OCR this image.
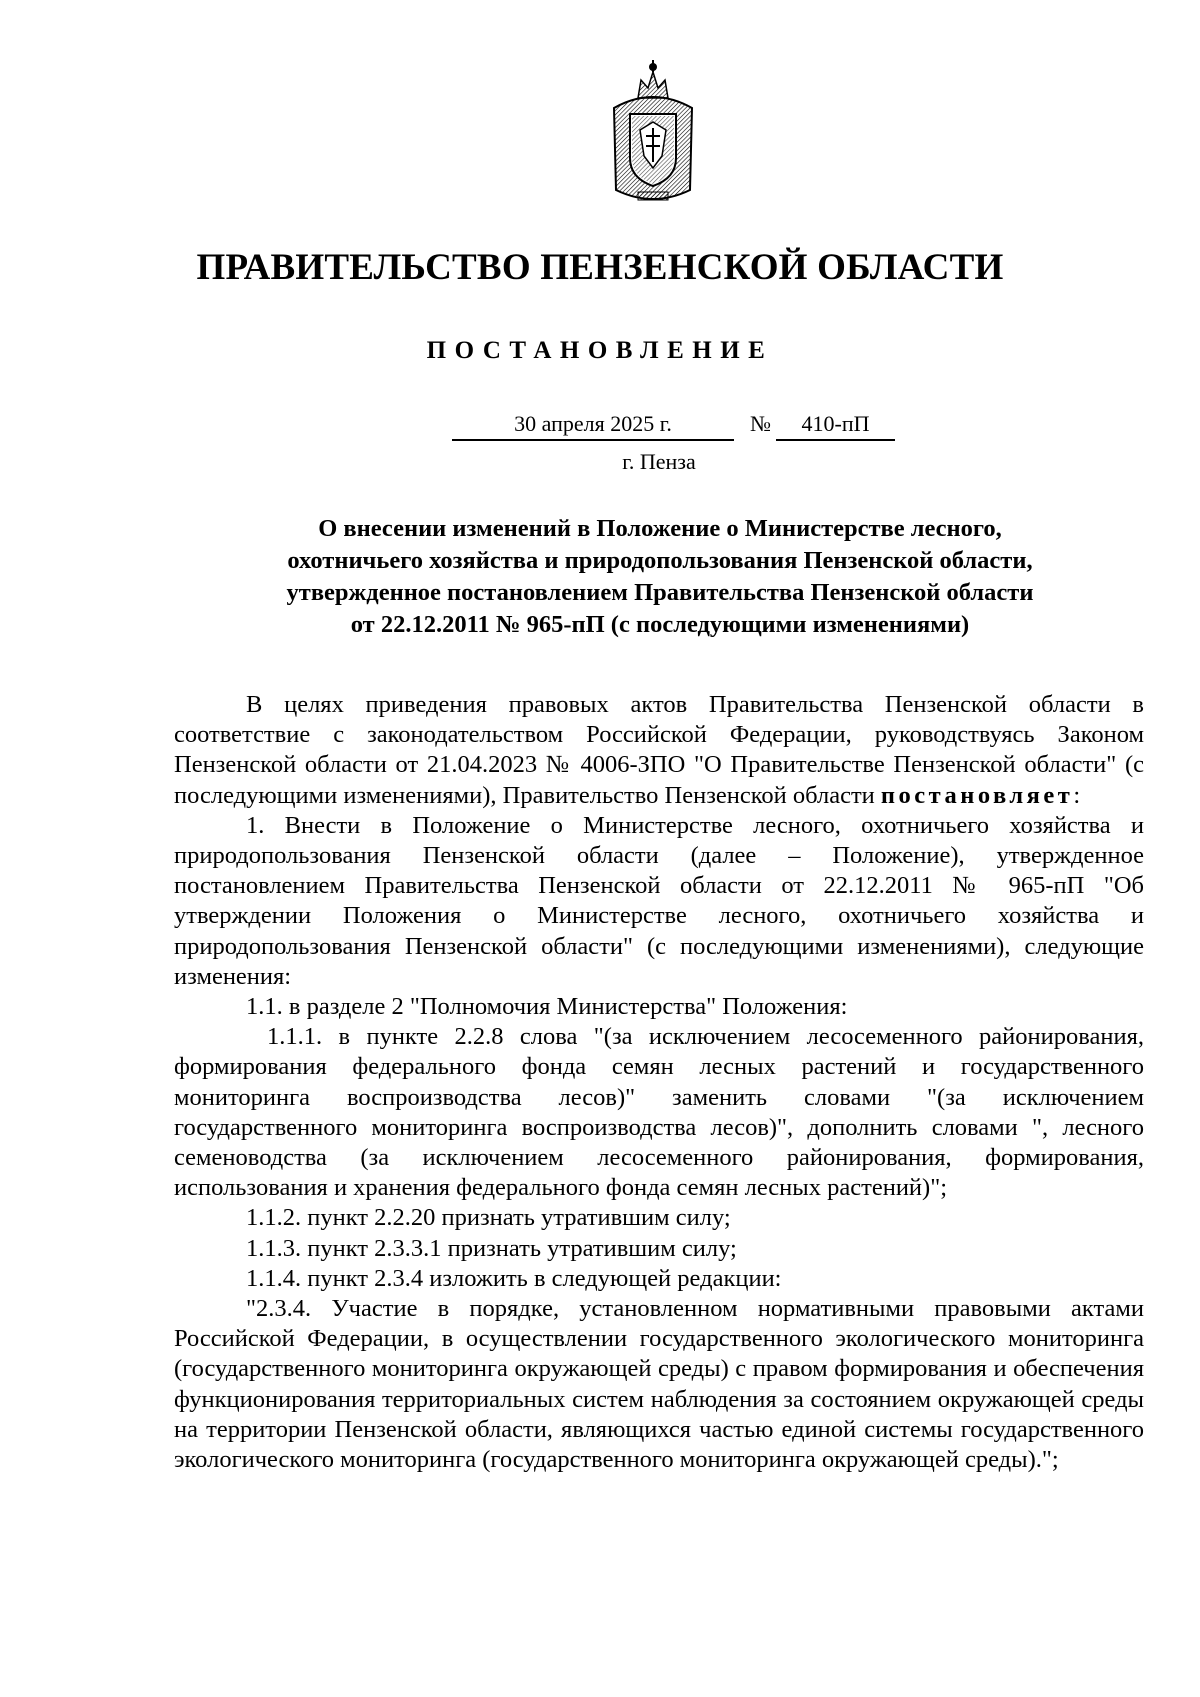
ПРАВИТЕЛЬСТВО ПЕНЗЕНСКОЙ ОБЛАСТИ
ПОСТАНОВЛЕНИЕ
30 апреля 2025 г.	№	410-пП
г. Пенза
О внесении изменений в Положение о Министерстве лесного,
охотничьего хозяйства и природопользования Пензенской области,
утвержденное постановлением Правительства Пензенской области
от 22.12.2011 № 965-пП (с последующими изменениями)

В целях приведения правовых актов Правительства Пензенской области в соответствие с законодательством Российской Федерации, руководствуясь Законом Пензенской области от 21.04.2023 № 4006-ЗПО "О Правительстве Пензенской области" (с последующими изменениями), Правительство Пензенской области постановляет:

1. Внести в Положение о Министерстве лесного, охотничьего хозяйства и природопользования Пензенской области (далее – Положение), утвержденное постановлением Правительства Пензенской области от 22.12.2011 № 965-пП "Об утверждении Положения о Министерстве лесного, охотничьего хозяйства и природопользования Пензенской области" (с последующими изменениями), следующие изменения:

1.1. в разделе 2 "Полномочия Министерства" Положения:

1.1.1. в пункте 2.2.8 слова "(за исключением лесосеменного районирования, формирования федерального фонда семян лесных растений и государственного мониторинга воспроизводства лесов)" заменить словами "(за исключением государственного мониторинга воспроизводства лесов)", дополнить словами ", лесного семеноводства (за исключением лесосеменного районирования, формирования, использования и хранения федерального фонда семян лесных растений)";

1.1.2. пункт 2.2.20 признать утратившим силу;

1.1.3. пункт 2.3.3.1 признать утратившим силу;

1.1.4. пункт 2.3.4 изложить в следующей редакции:

"2.3.4. Участие в порядке, установленном нормативными правовыми актами Российской Федерации, в осуществлении государственного экологического мониторинга (государственного мониторинга окружающей среды) с правом формирования и обеспечения функционирования территориальных систем наблюдения за состоянием окружающей среды на территории Пензенской области, являющихся частью единой системы государственного экологического мониторинга (государственного мониторинга окружающей среды).";
